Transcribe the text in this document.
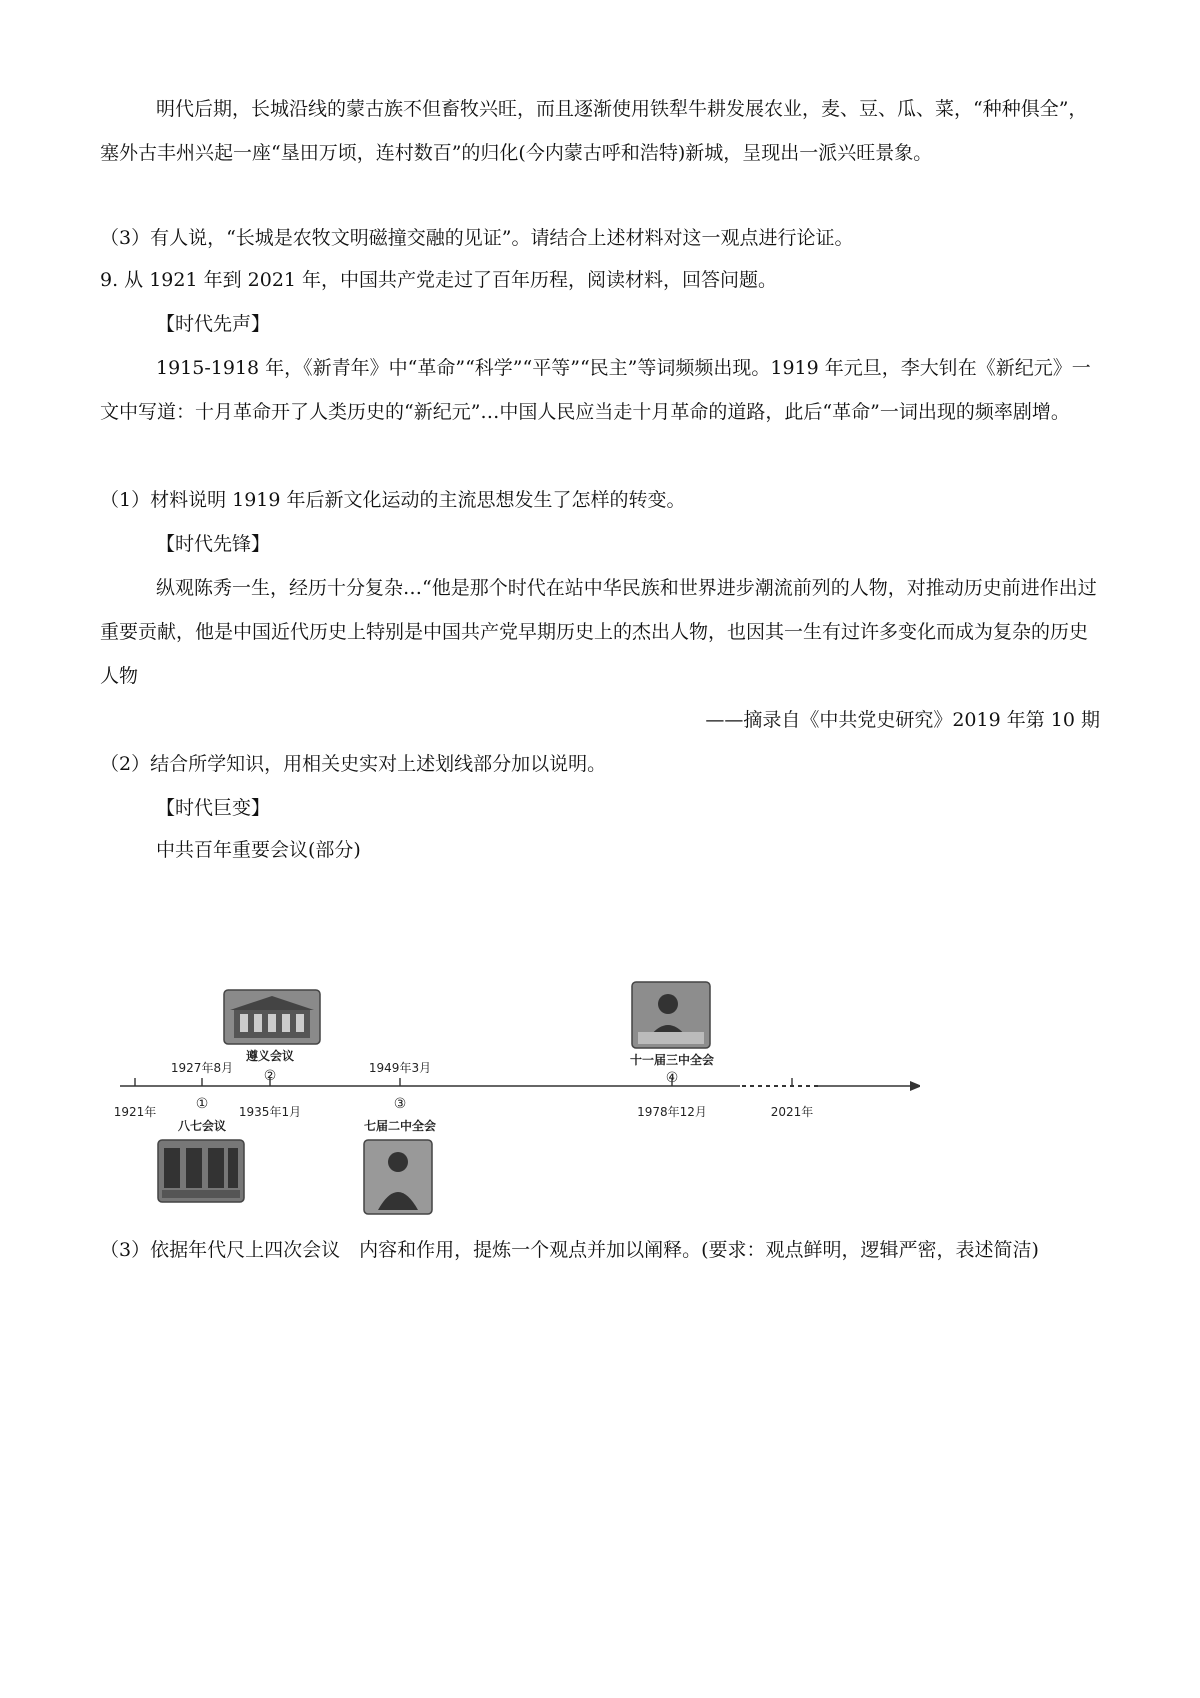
明代后期，长城沿线的蒙古族不但畜牧兴旺，而且逐渐使用铁犁牛耕发展农业，麦、豆、瓜、菜，“种种俱全”，塞外古丰州兴起一座“垦田万顷，连村数百”的归化(今内蒙古呼和浩特)新城，呈现出一派兴旺景象。

（3）有人说，“长城是农牧文明磁撞交融的见证”。请结合上述材料对这一观点进行论证。

9. 从 1921 年到 2021 年，中国共产党走过了百年历程，阅读材料，回答问题。

【时代先声】

1915-1918 年，《新青年》中“革命”“科学”“平等”“民主”等词频频出现。1919 年元旦，李大钊在《新纪元》一文中写道：十月革命开了人类历史的“新纪元”…中国人民应当走十月革命的道路，此后“革命”一词出现的频率剧增。

（1）材料说明 1919 年后新文化运动的主流思想发生了怎样的转变。

【时代先锋】

纵观陈秀一生，经历十分复杂…“他是那个时代在站中华民族和世界进步潮流前列的人物，对推动历史前进作出过重要贡献，他是中国近代历史上特别是中国共产党早期历史上的杰出人物，也因其一生有过许多变化而成为复杂的历史人物

——摘录自《中共党史研究》2019 年第 10 期

（2）结合所学知识，用相关史实对上述划线部分加以说明。

【时代巨变】

中共百年重要会议(部分)

1921年	2021年
1927年8月
①
八七会议
遵义会议
②
1935年1月
1949年3月
③
七届二中全会
十一届三中全会
④
1978年12月

（3）依据年代尺上四次会议　内容和作用，提炼一个观点并加以阐释。(要求：观点鲜明，逻辑严密，表述简洁)
